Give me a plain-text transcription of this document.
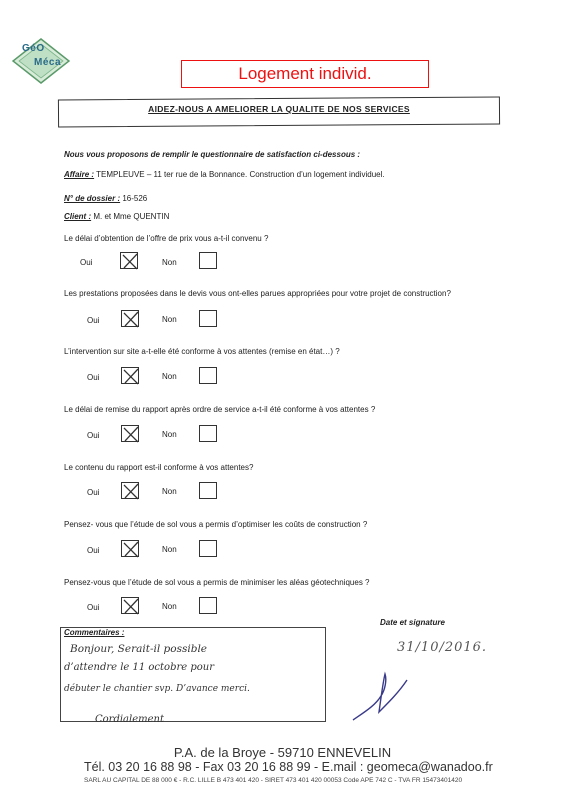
GéO
Méca
Logement individ.
AIDEZ-NOUS A AMELIORER LA QUALITE DE NOS SERVICES
Nous vous proposons de remplir le questionnaire de satisfaction ci-dessous :
Affaire : TEMPLEUVE – 11 ter rue de la Bonnance. Construction d’un logement individuel.
N° de dossier : 16-526
Client : M. et Mme QUENTIN
Le délai d’obtention de l’offre de prix vous a-t-il convenu ?
Oui	Non
Les prestations proposées dans le devis vous ont-elles parues appropriées pour votre projet de construction?
Oui	Non
L’intervention sur site a-t-elle été conforme à vos attentes (remise en état…) ?
Oui	Non
Le délai de remise du rapport après ordre de service a-t-il été conforme à vos attentes ?
Oui	Non
Le contenu du rapport est-il conforme à vos attentes?
Oui	Non
Pensez- vous que l’étude de sol vous a permis d’optimiser les coûts de construction ?
Oui	Non
Pensez-vous que l’étude de sol vous a permis de minimiser les aléas géotechniques ?
Oui	Non
Commentaires :
Bonjour, Serait-il possible
d’attendre le 11 octobre pour
débuter le chantier svp. D’avance merci.
Cordialement
Date et signature
31/10/2016.
P.A. de la Broye - 59710 ENNEVELIN
Tél. 03 20 16 88 98 - Fax 03 20 16 88 99 - E.mail : geomeca@wanadoo.fr
SARL AU CAPITAL DE 88 000 € - R.C. LILLE B 473 401 420 - SIRET 473 401 420 00053 Code APE 742 C - TVA FR 15473401420
